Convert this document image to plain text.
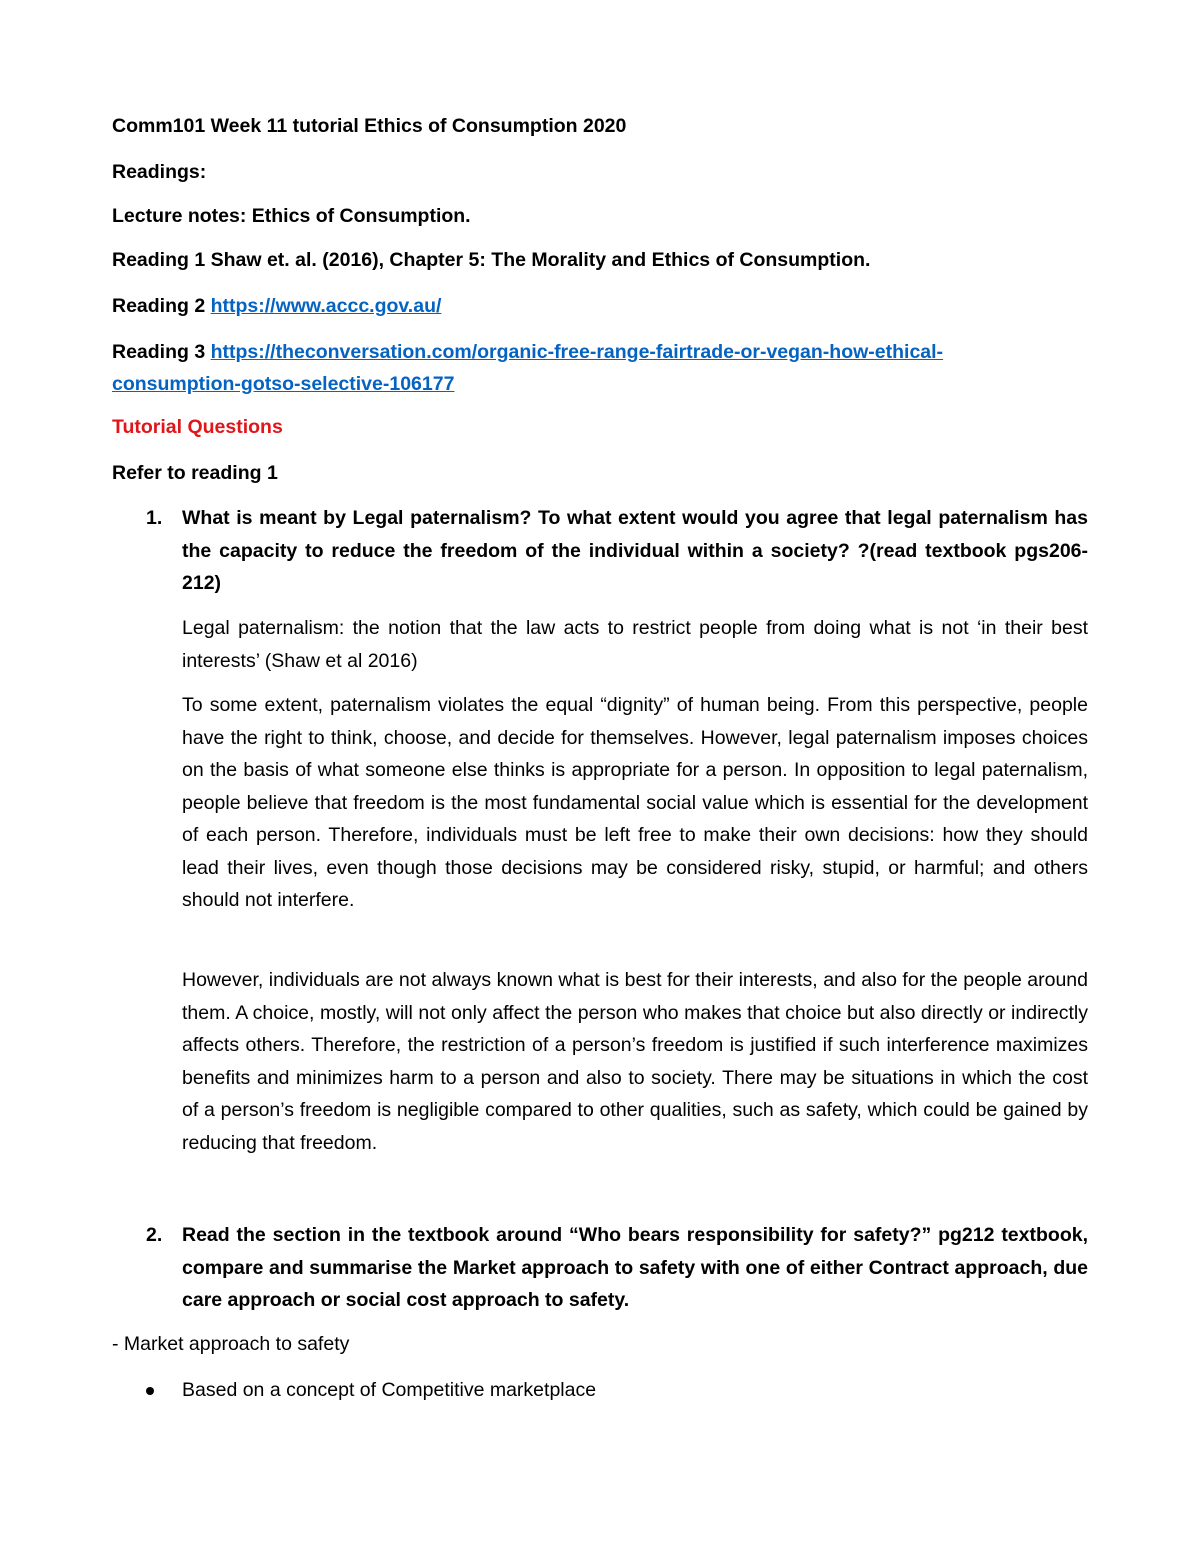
Comm101 Week 11 tutorial Ethics of Consumption 2020

Readings:

Lecture notes: Ethics of Consumption.

Reading 1 Shaw et. al. (2016), Chapter 5: The Morality and Ethics of Consumption.

Reading 2 https://www.accc.gov.au/

Reading 3 https://theconversation.com/organic-free-range-fairtrade-or-vegan-how-ethical-

consumption-gotso-selective-106177

Tutorial Questions

Refer to reading 1

1. What is meant by Legal paternalism? To what extent would you agree that legal paternalism has the capacity to reduce the freedom of the individual within a society? ?(read textbook pgs206-212)

Legal paternalism: the notion that the law acts to restrict people from doing what is not ‘in their best interests’ (Shaw et al 2016)

To some extent, paternalism violates the equal “dignity” of human being. From this perspective, people have the right to think, choose, and decide for themselves. However, legal paternalism imposes choices on the basis of what someone else thinks is appropriate for a person. In opposition to legal paternalism, people believe that freedom is the most fundamental social value which is essential for the development of each person. Therefore, individuals must be left free to make their own decisions: how they should lead their lives, even though those decisions may be considered risky, stupid, or harmful; and others should not interfere.

However, individuals are not always known what is best for their interests, and also for the people around them. A choice, mostly, will not only affect the person who makes that choice but also directly or indirectly affects others. Therefore, the restriction of a person’s freedom is justified if such interference maximizes benefits and minimizes harm to a person and also to society. There may be situations in which the cost of a person’s freedom is negligible compared to other qualities, such as safety, which could be gained by reducing that freedom.

2. Read the section in the textbook around “Who bears responsibility for safety?” pg212 textbook, compare and summarise the Market approach to safety with one of either Contract approach, due care approach or social cost approach to safety.

- Market approach to safety

Based on a concept of Competitive marketplace
